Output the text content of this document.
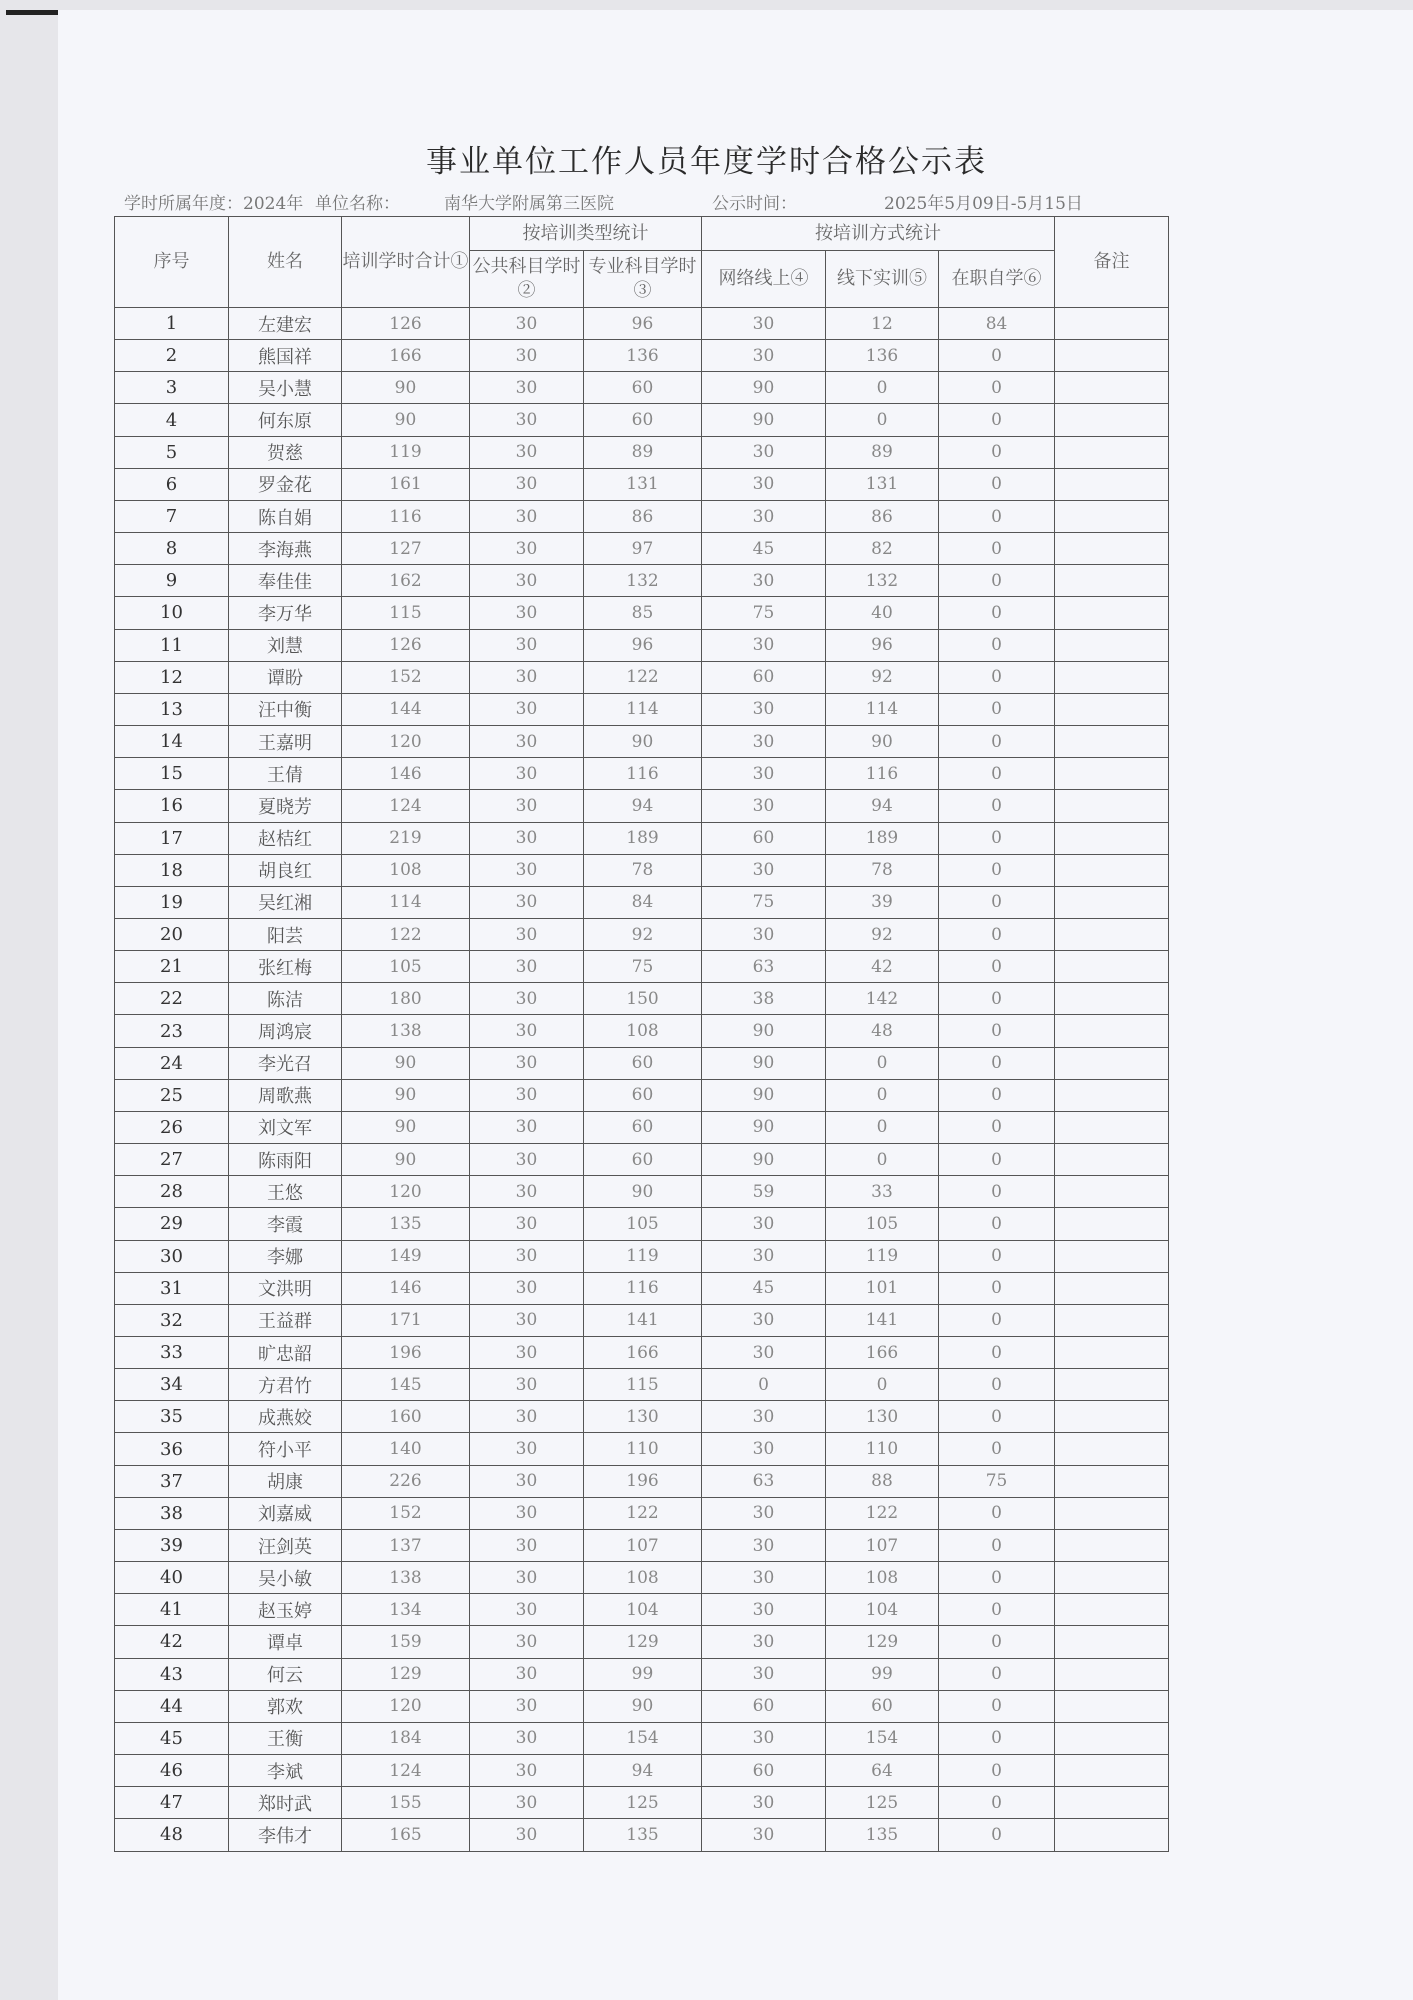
事业单位工作人员年度学时合格公示表
学时所属年度：2024年 单位名称：	南华大学附属第三医院	公示时间：	2025年5月09日-5月15日
序号	姓名	培训学时合计①	按培训类型统计		按培训方式统计			备注
			公共科目学时②	专业科目学时③	网络线上④	线下实训⑤	在职自学⑥	
1	左建宏	126	30	96	30	12	84	
2	熊国祥	166	30	136	30	136	0	
3	吴小慧	90	30	60	90	0	0	
4	何东原	90	30	60	90	0	0	
5	贺慈	119	30	89	30	89	0	
6	罗金花	161	30	131	30	131	0	
7	陈自娟	116	30	86	30	86	0	
8	李海燕	127	30	97	45	82	0	
9	奉佳佳	162	30	132	30	132	0	
10	李万华	115	30	85	75	40	0	
11	刘慧	126	30	96	30	96	0	
12	谭盼	152	30	122	60	92	0	
13	汪中衡	144	30	114	30	114	0	
14	王嘉明	120	30	90	30	90	0	
15	王倩	146	30	116	30	116	0	
16	夏晓芳	124	30	94	30	94	0	
17	赵桔红	219	30	189	60	189	0	
18	胡良红	108	30	78	30	78	0	
19	吴红湘	114	30	84	75	39	0	
20	阳芸	122	30	92	30	92	0	
21	张红梅	105	30	75	63	42	0	
22	陈洁	180	30	150	38	142	0	
23	周鸿宸	138	30	108	90	48	0	
24	李光召	90	30	60	90	0	0	
25	周歌燕	90	30	60	90	0	0	
26	刘文军	90	30	60	90	0	0	
27	陈雨阳	90	30	60	90	0	0	
28	王悠	120	30	90	59	33	0	
29	李霞	135	30	105	30	105	0	
30	李娜	149	30	119	30	119	0	
31	文洪明	146	30	116	45	101	0	
32	王益群	171	30	141	30	141	0	
33	旷忠韶	196	30	166	30	166	0	
34	方君竹	145	30	115	0	0	0	
35	成燕姣	160	30	130	30	130	0	
36	符小平	140	30	110	30	110	0	
37	胡康	226	30	196	63	88	75	
38	刘嘉威	152	30	122	30	122	0	
39	汪剑英	137	30	107	30	107	0	
40	吴小敏	138	30	108	30	108	0	
41	赵玉婷	134	30	104	30	104	0	
42	谭卓	159	30	129	30	129	0	
43	何云	129	30	99	30	99	0	
44	郭欢	120	30	90	60	60	0	
45	王衡	184	30	154	30	154	0	
46	李斌	124	30	94	60	64	0	
47	郑时武	155	30	125	30	125	0	
48	李伟才	165	30	135	30	135	0	
